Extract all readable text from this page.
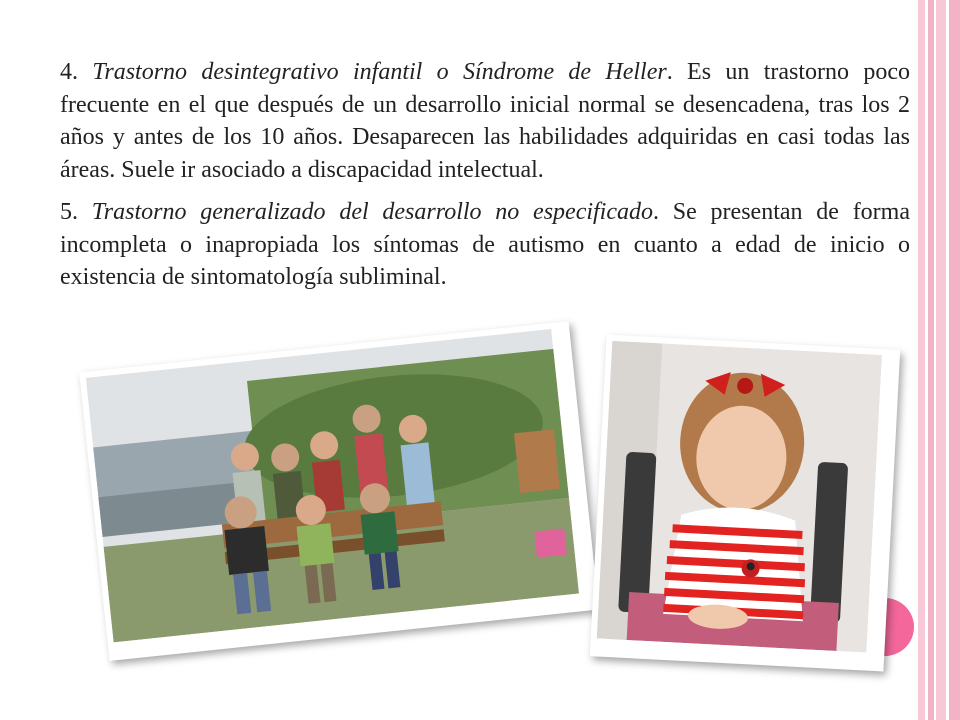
4. Trastorno desintegrativo infantil o Síndrome de Heller. Es un trastorno poco frecuente en el que después de un desarrollo inicial normal se desencadena, tras los 2 años y antes de los 10 años. Desaparecen las habilidades adquiridas en casi todas las áreas. Suele ir asociado a discapacidad intelectual.

5. Trastorno generalizado del desarrollo no especificado. Se presentan de forma incompleta o inapropiada los síntomas de autismo en cuanto a edad de inicio o existencia de sintomatología subliminal.
